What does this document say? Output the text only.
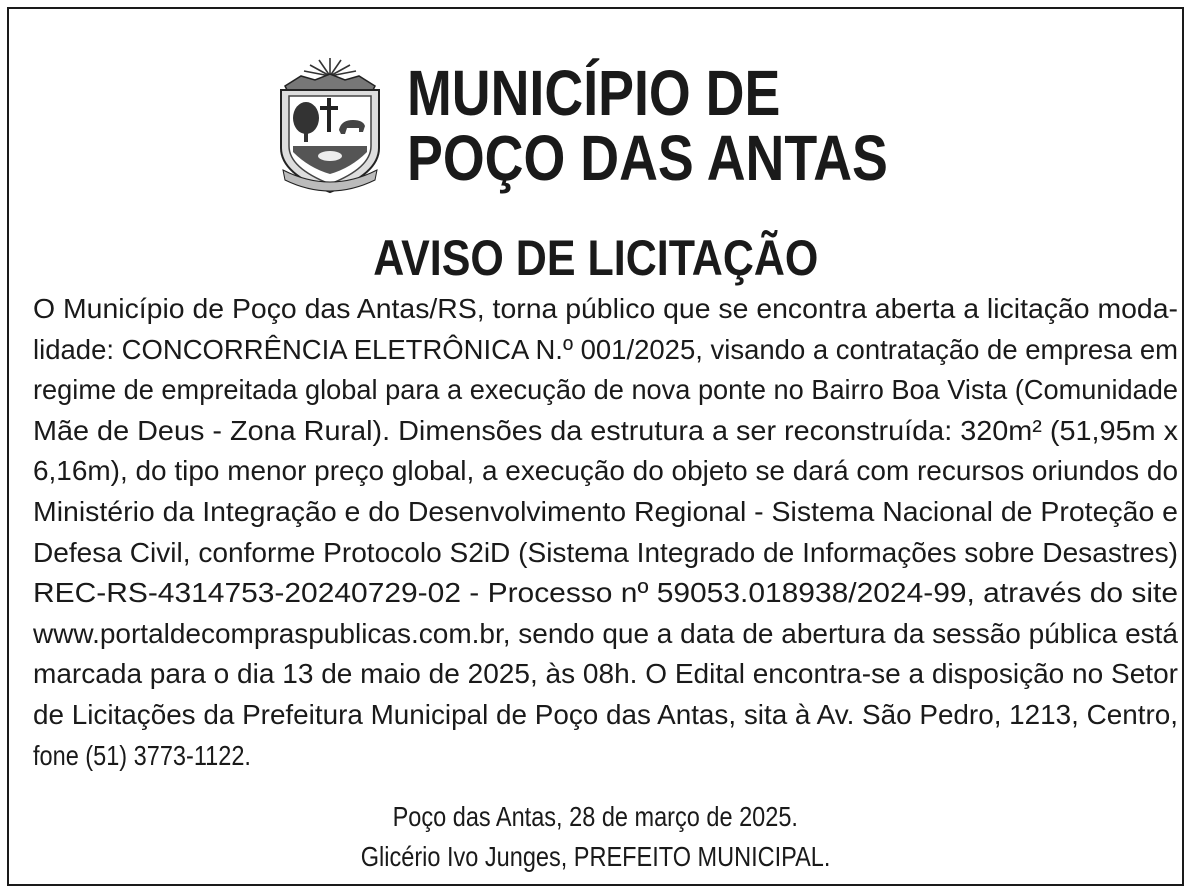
MUNICÍPIO DE
POÇO DAS ANTAS
AVISO DE LICITAÇÃO
O Município de Poço das Antas/RS, torna público que se encontra aberta a licitação moda-
lidade: CONCORRÊNCIA ELETRÔNICA N.º 001/2025, visando a contratação de empresa em
regime de empreitada global para a execução de nova ponte no Bairro Boa Vista (Comunidade
Mãe de Deus - Zona Rural). Dimensões da estrutura a ser reconstruída: 320m² (51,95m x
6,16m), do tipo menor preço global, a execução do objeto se dará com recursos oriundos do
Ministério da Integração e do Desenvolvimento Regional - Sistema Nacional de Proteção e
Defesa Civil, conforme Protocolo S2iD (Sistema Integrado de Informações sobre Desastres)
REC-RS-4314753-20240729-02 - Processo nº 59053.018938/2024-99, através do site
www.portaldecompraspublicas.com.br, sendo que a data de abertura da sessão pública está
marcada para o dia 13 de maio de 2025, às 08h. O Edital encontra-se a disposição no Setor
de Licitações da Prefeitura Municipal de Poço das Antas, sita à Av. São Pedro, 1213, Centro,
fone (51) 3773-1122.
Poço das Antas, 28 de março de 2025.
Glicério Ivo Junges, PREFEITO MUNICIPAL.
